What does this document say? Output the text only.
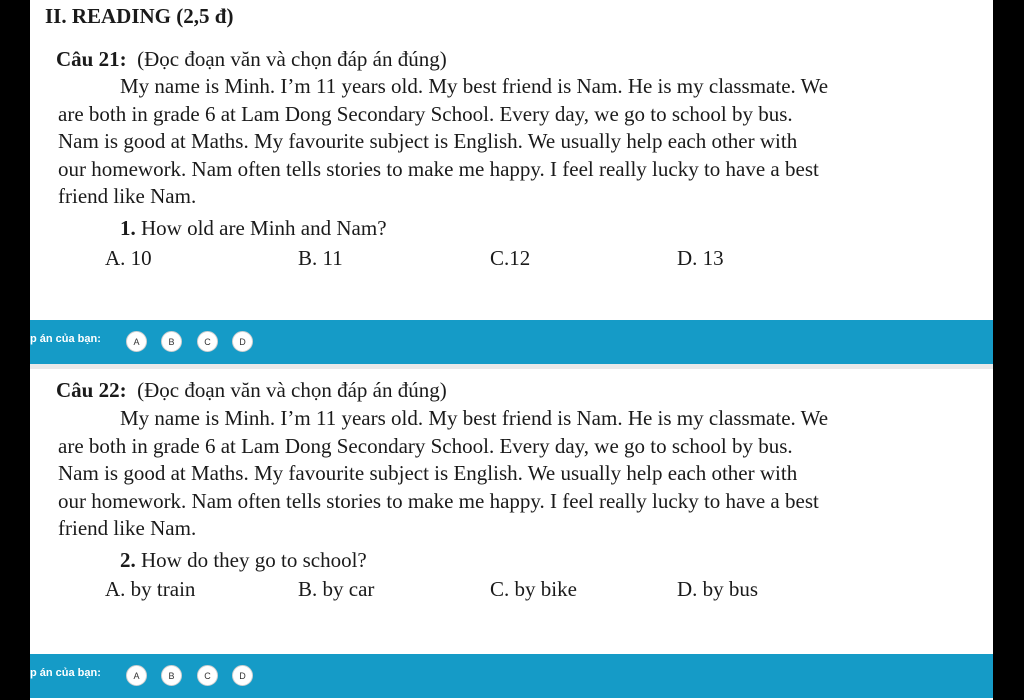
II. READING (2,5 đ)
Câu 21: (Đọc đoạn văn và chọn đáp án đúng)
My name is Minh. I’m 11 years old. My best friend is Nam. He is my classmate. We
are both in grade 6 at Lam Dong Secondary School. Every day, we go to school by bus.
Nam is good at Maths. My favourite subject is English. We usually help each other with
our homework. Nam often tells stories to make me happy. I feel really lucky to have a best
friend like Nam.
1. How old are Minh and Nam?
A. 10	B. 11	C.12	D. 13
Câu 22: (Đọc đoạn văn và chọn đáp án đúng)
My name is Minh. I’m 11 years old. My best friend is Nam. He is my classmate. We
are both in grade 6 at Lam Dong Secondary School. Every day, we go to school by bus.
Nam is good at Maths. My favourite subject is English. We usually help each other with
our homework. Nam often tells stories to make me happy. I feel really lucky to have a best
friend like Nam.
2. How do they go to school?
A. by train	B. by car	C. by bike	D. by bus
p án của bạn:	A	B	C	D
p án của bạn:	A	B	C	D
